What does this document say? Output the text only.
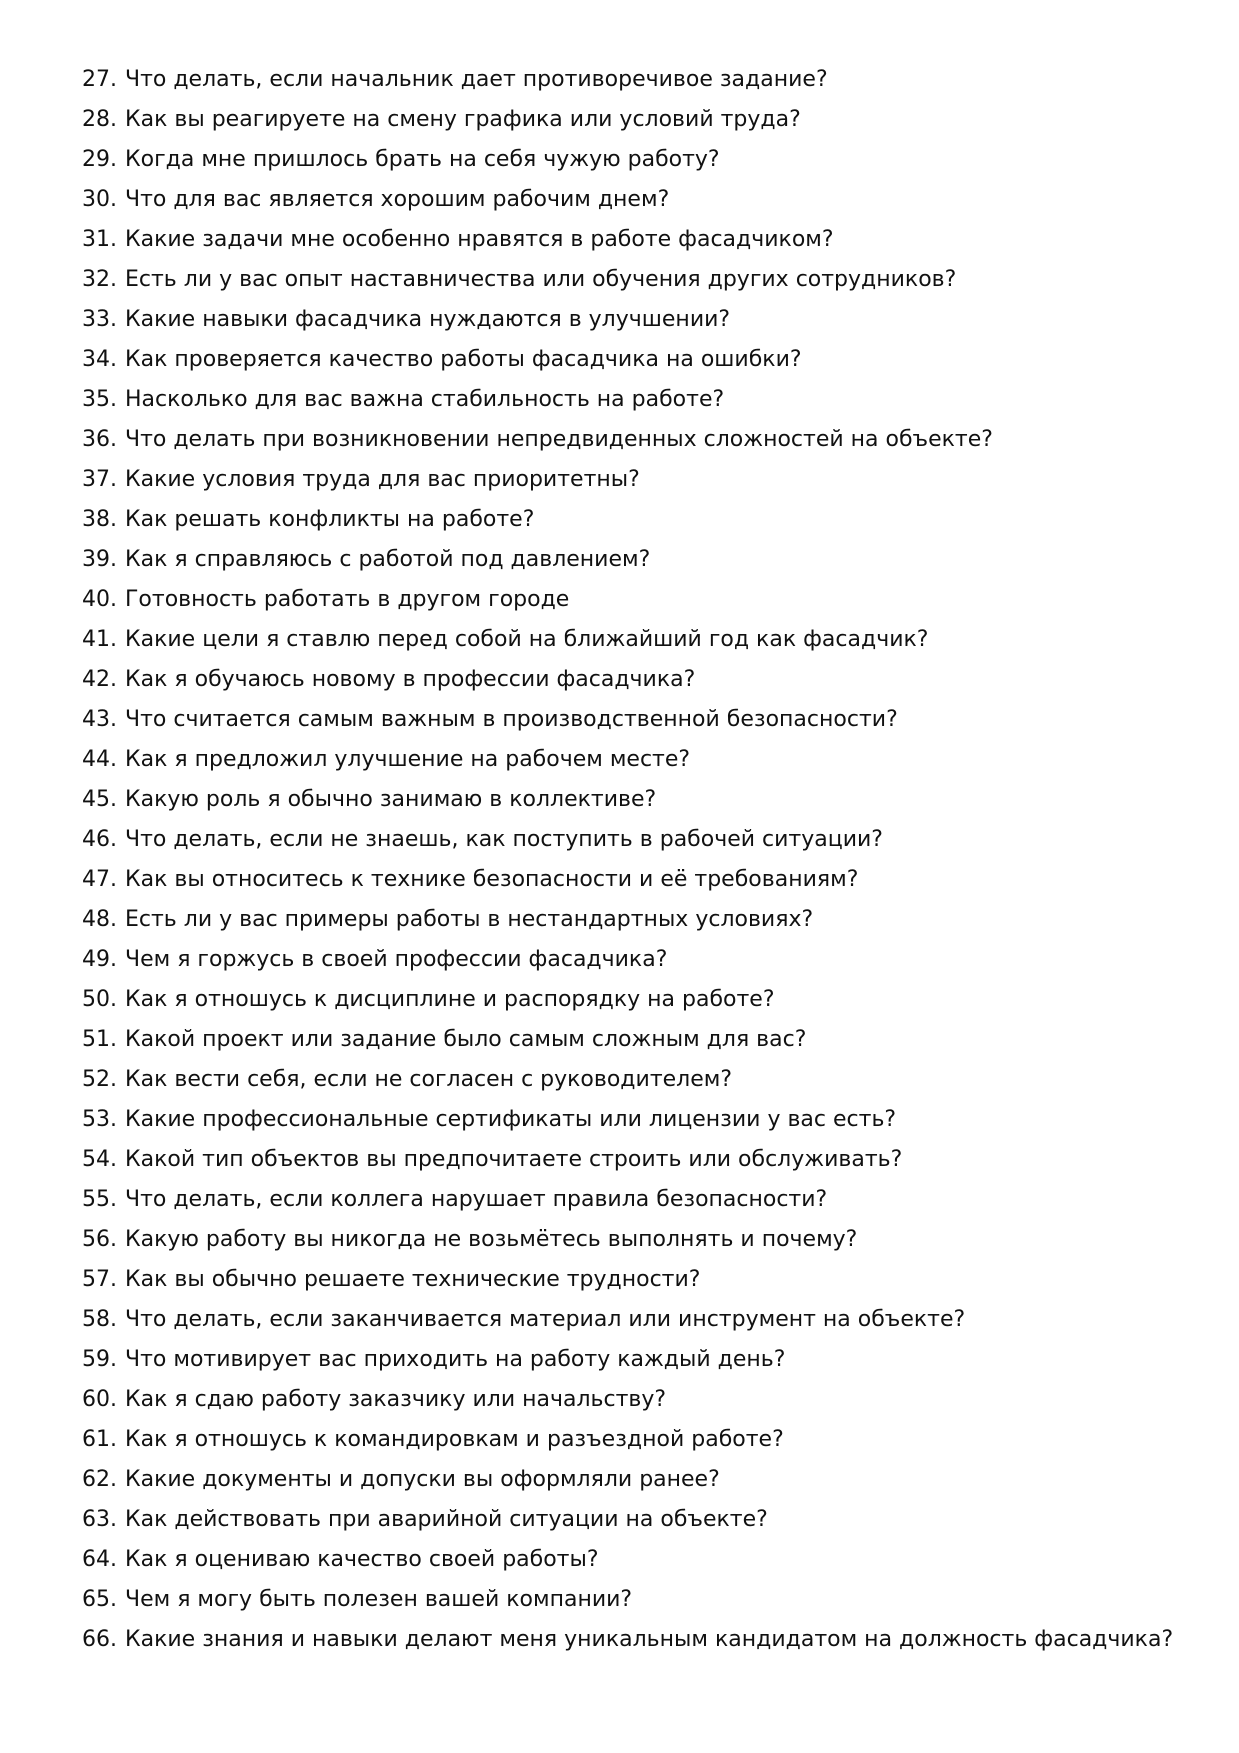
27. Что делать, если начальник дает противоречивое задание?
28. Как вы реагируете на смену графика или условий труда?
29. Когда мне пришлось брать на себя чужую работу?
30. Что для вас является хорошим рабочим днем?
31. Какие задачи мне особенно нравятся в работе фасадчиком?
32. Есть ли у вас опыт наставничества или обучения других сотрудников?
33. Какие навыки фасадчика нуждаются в улучшении?
34. Как проверяется качество работы фасадчика на ошибки?
35. Насколько для вас важна стабильность на работе?
36. Что делать при возникновении непредвиденных сложностей на объекте?
37. Какие условия труда для вас приоритетны?
38. Как решать конфликты на работе?
39. Как я справляюсь с работой под давлением?
40. Готовность работать в другом городе
41. Какие цели я ставлю перед собой на ближайший год как фасадчик?
42. Как я обучаюсь новому в профессии фасадчика?
43. Что считается самым важным в производственной безопасности?
44. Как я предложил улучшение на рабочем месте?
45. Какую роль я обычно занимаю в коллективе?
46. Что делать, если не знаешь, как поступить в рабочей ситуации?
47. Как вы относитесь к технике безопасности и её требованиям?
48. Есть ли у вас примеры работы в нестандартных условиях?
49. Чем я горжусь в своей профессии фасадчика?
50. Как я отношусь к дисциплине и распорядку на работе?
51. Какой проект или задание было самым сложным для вас?
52. Как вести себя, если не согласен с руководителем?
53. Какие профессиональные сертификаты или лицензии у вас есть?
54. Какой тип объектов вы предпочитаете строить или обслуживать?
55. Что делать, если коллега нарушает правила безопасности?
56. Какую работу вы никогда не возьмётесь выполнять и почему?
57. Как вы обычно решаете технические трудности?
58. Что делать, если заканчивается материал или инструмент на объекте?
59. Что мотивирует вас приходить на работу каждый день?
60. Как я сдаю работу заказчику или начальству?
61. Как я отношусь к командировкам и разъездной работе?
62. Какие документы и допуски вы оформляли ранее?
63. Как действовать при аварийной ситуации на объекте?
64. Как я оцениваю качество своей работы?
65. Чем я могу быть полезен вашей компании?
66. Какие знания и навыки делают меня уникальным кандидатом на должность фасадчика?
